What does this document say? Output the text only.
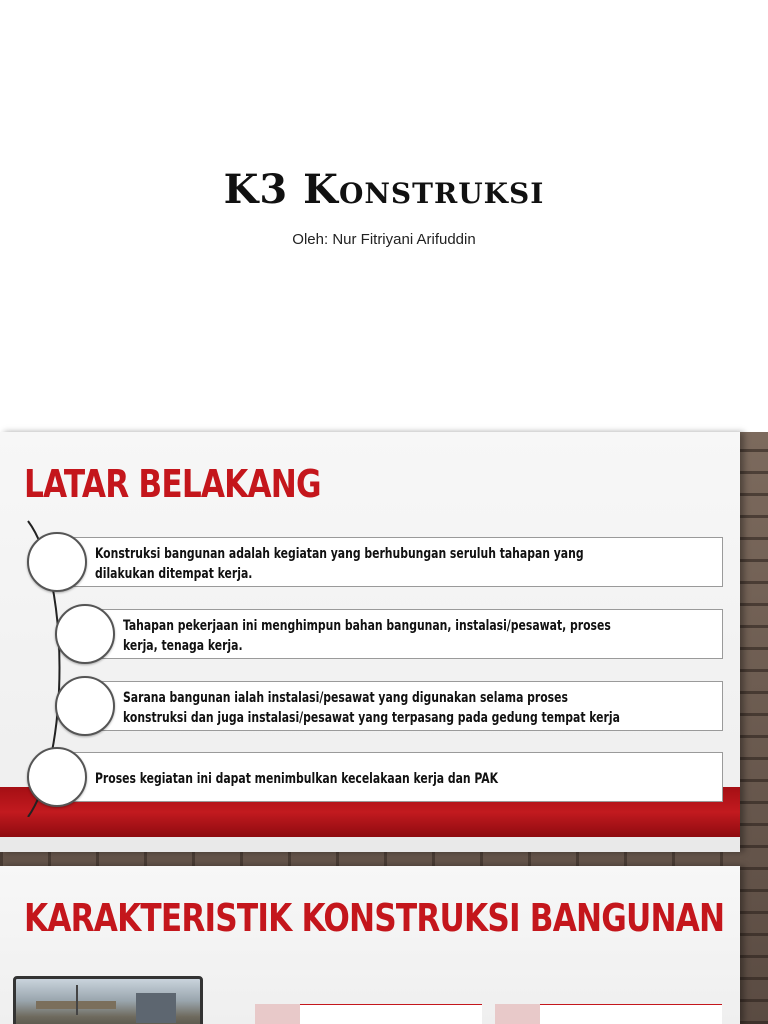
K3 Konstruksi
Oleh: Nur Fitriyani Arifuddin
LATAR BELAKANG
Konstruksi bangunan adalah kegiatan yang berhubungan seruluh tahapan yang
dilakukan ditempat kerja.
Tahapan pekerjaan ini menghimpun bahan bangunan, instalasi/pesawat, proses
kerja, tenaga kerja.
Sarana bangunan ialah instalasi/pesawat yang digunakan selama proses
konstruksi dan juga instalasi/pesawat yang terpasang pada gedung tempat kerja
Proses kegiatan ini dapat menimbulkan kecelakaan kerja dan PAK
KARAKTERISTIK KONSTRUKSI BANGUNAN
